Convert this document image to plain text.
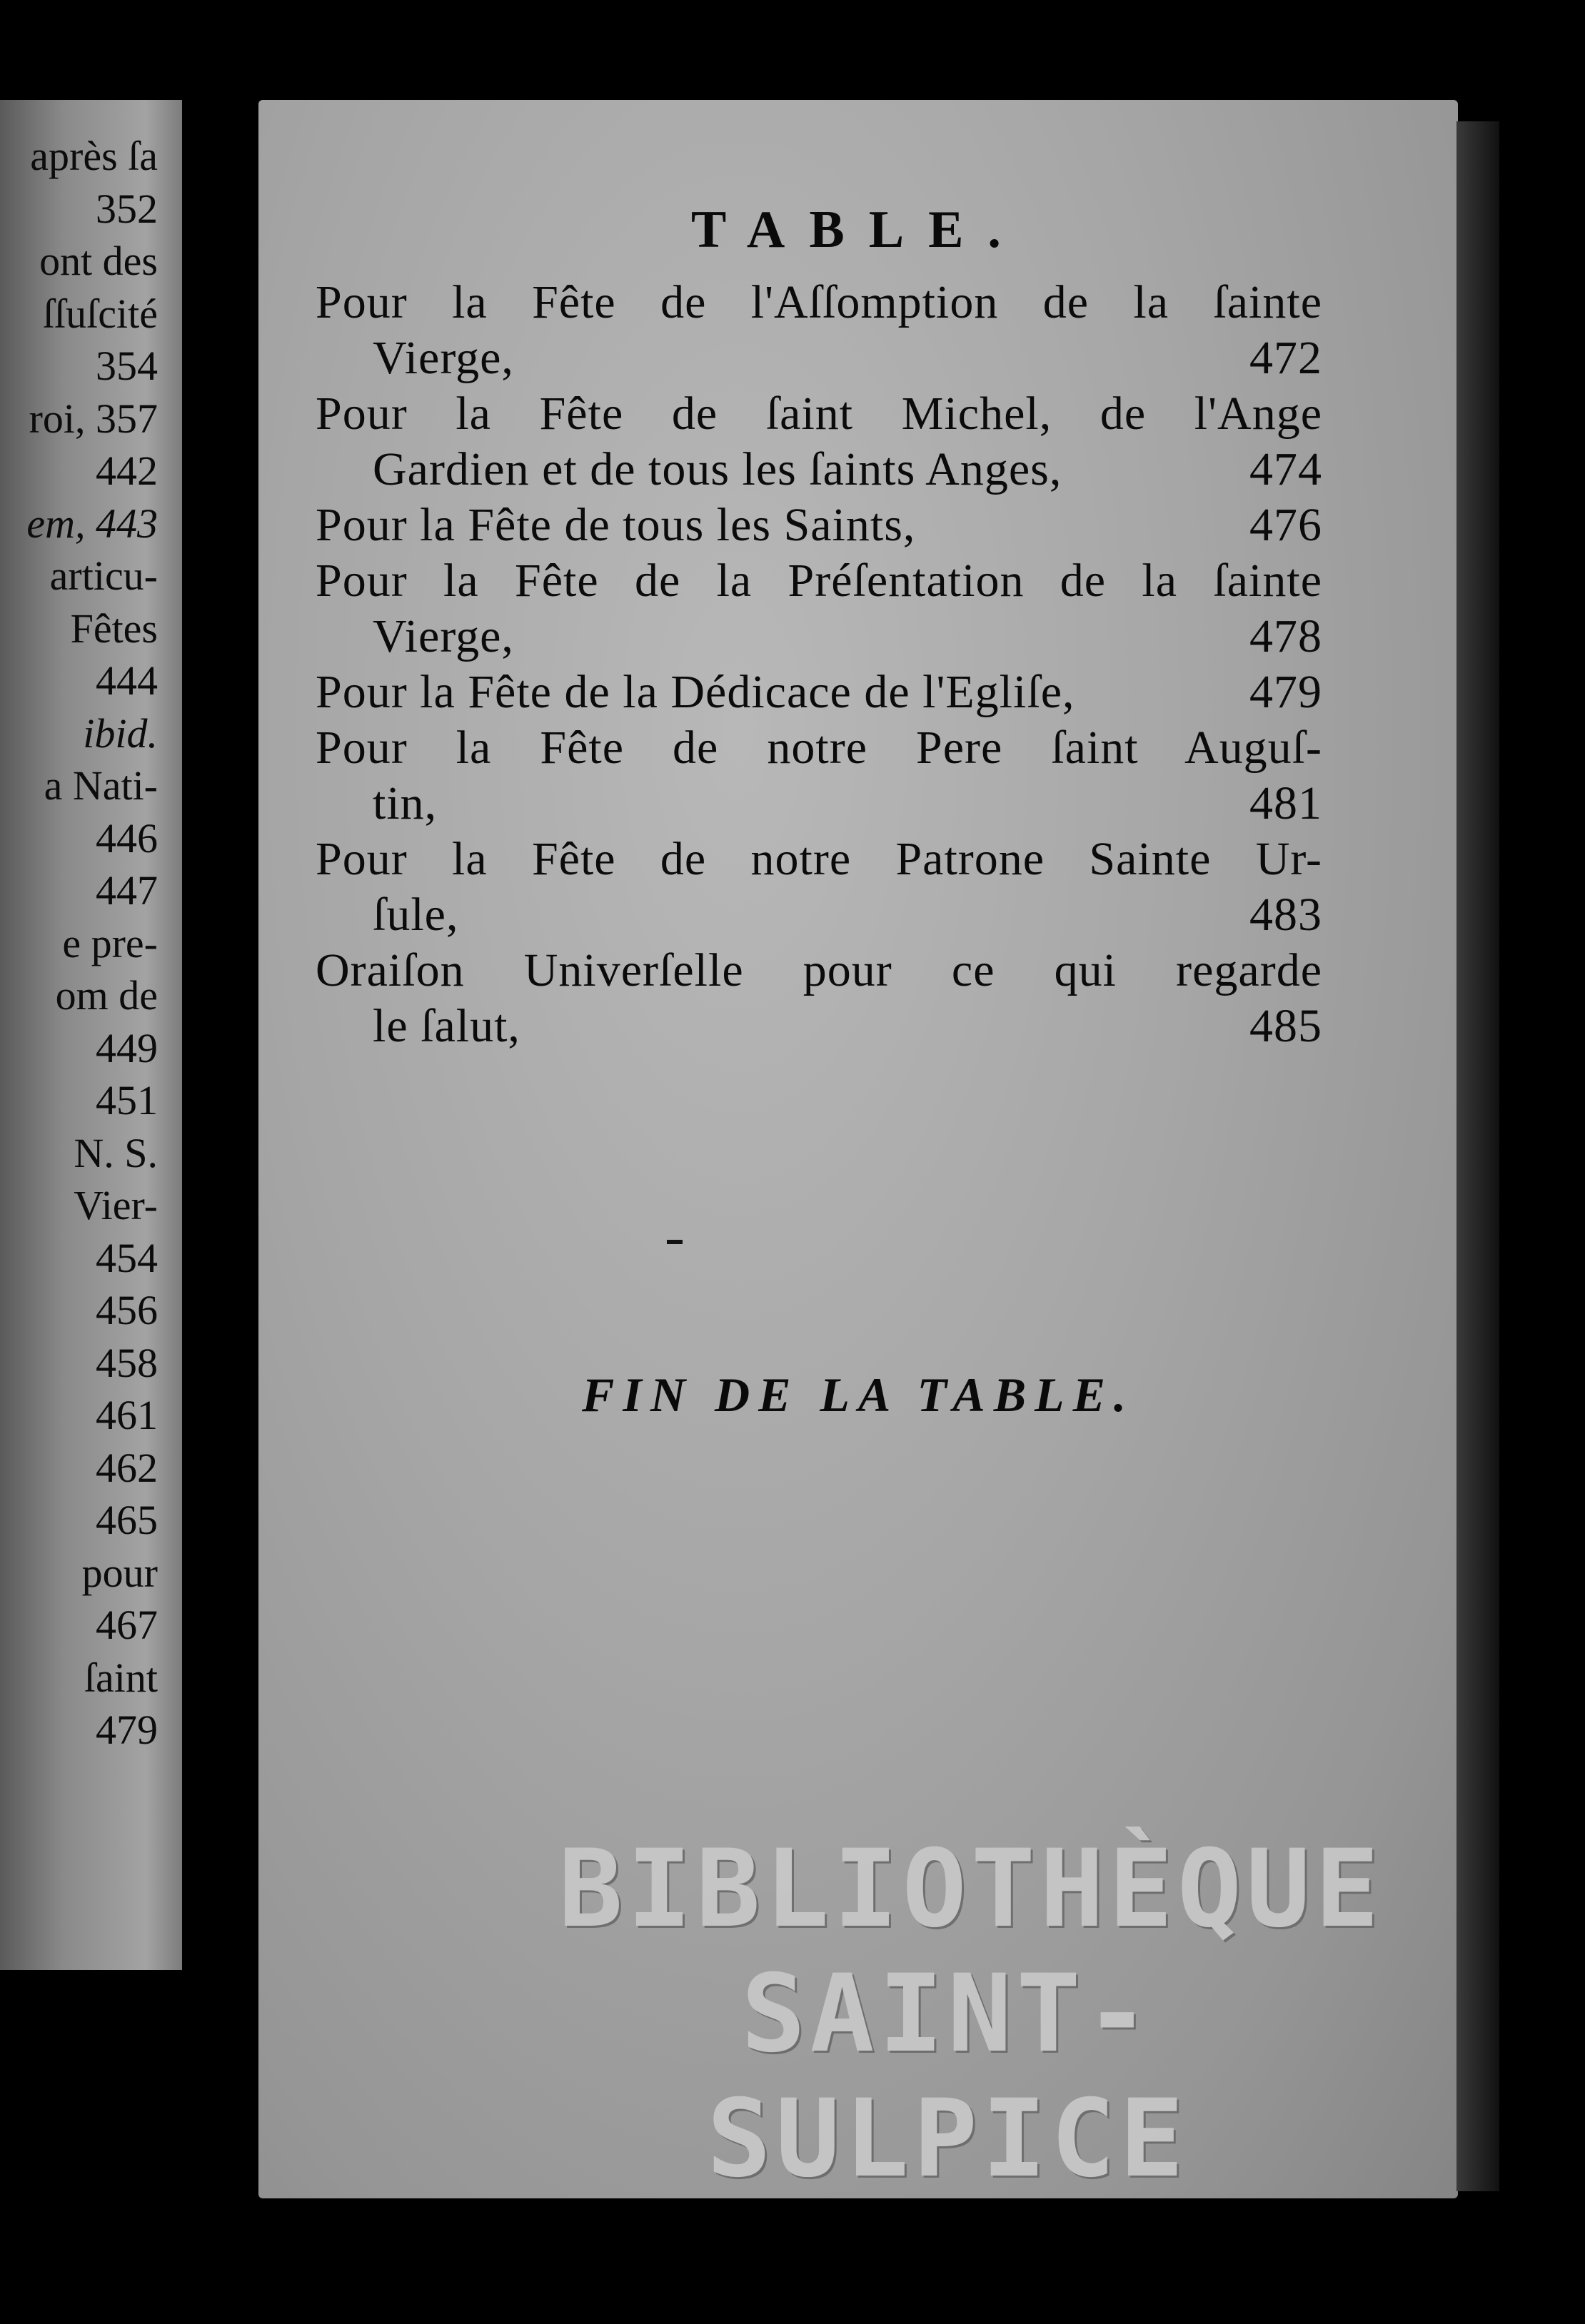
après ſa
352
ont des
ſſuſcité
354
roi, 357
442
em, 443
articu-
Fêtes
444
ibid.
a Nati-
446
447
e pre-
om de
449
451
N. S.
Vier-
454
456
458
461
462
465
pour
467
ſaint
479
TABLE.
Pour la Fête de l'Aſſomption de la ſainte
Vierge,	472
Pour la Fête de ſaint Michel, de l'Ange
Gardien et de tous les ſaints Anges,	474
Pour la Fête de tous les Saints,	476
Pour la Fête de la Préſentation de la ſainte
Vierge,	478
Pour la Fête de la Dédicace de l'Egliſe,	479
Pour la Fête de notre Pere ſaint Auguſ-
tin,	481
Pour la Fête de notre Patrone Sainte Ur-
ſule,	483
Oraiſon Univerſelle pour ce qui regarde
le ſalut,	485
FIN DE LA TABLE.
BIBLIOTHÈQUE
SAINT-SULPICE
